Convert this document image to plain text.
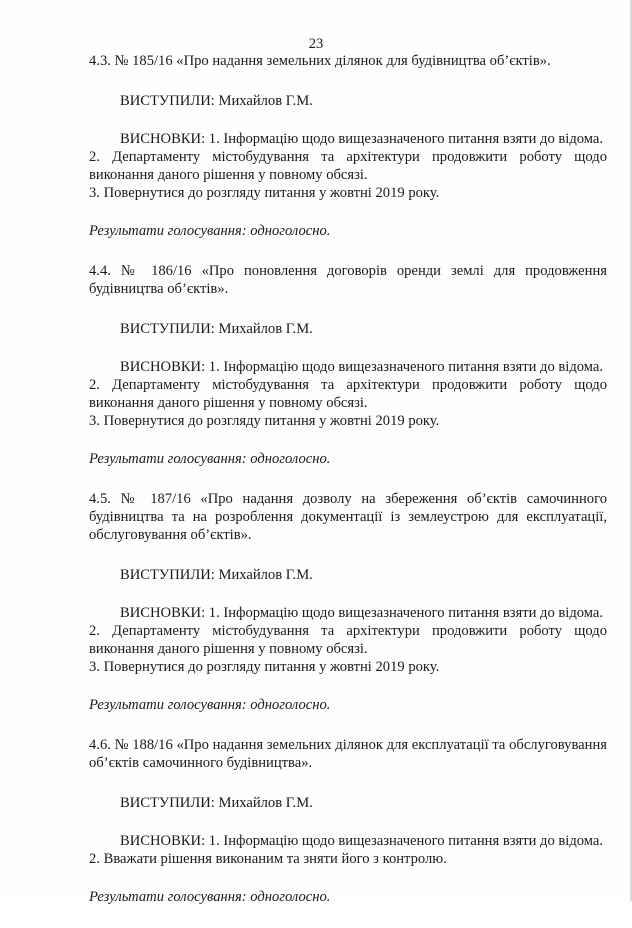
23

4.3. № 185/16 «Про надання земельних ділянок для будівництва об’єктів».

ВИСТУПИЛИ: Михайлов Г.М.

ВИСНОВКИ: 1. Інформацію щодо вищезазначеного питання взяти до відома.

2. Департаменту містобудування та архітектури продовжити роботу щодо виконання даного рішення у повному обсязі.

3. Повернутися до розгляду питання у жовтні 2019 року.

Результати голосування: одноголосно.

4.4. № 186/16 «Про поновлення договорів оренди землі для продовження будівництва об’єктів».

ВИСТУПИЛИ: Михайлов Г.М.

ВИСНОВКИ: 1. Інформацію щодо вищезазначеного питання взяти до відома.

2. Департаменту містобудування та архітектури продовжити роботу щодо виконання даного рішення у повному обсязі.

3. Повернутися до розгляду питання у жовтні 2019 року.

Результати голосування: одноголосно.

4.5. № 187/16 «Про надання дозволу на збереження об’єктів самочинного будівництва та на розроблення документації із землеустрою для експлуатації, обслуговування об’єктів».

ВИСТУПИЛИ: Михайлов Г.М.

ВИСНОВКИ: 1. Інформацію щодо вищезазначеного питання взяти до відома.

2. Департаменту містобудування та архітектури продовжити роботу щодо виконання даного рішення у повному обсязі.

3. Повернутися до розгляду питання у жовтні 2019 року.

Результати голосування: одноголосно.

4.6. № 188/16 «Про надання земельних ділянок для експлуатації та обслуговування об’єктів самочинного будівництва».

ВИСТУПИЛИ: Михайлов Г.М.

ВИСНОВКИ: 1. Інформацію щодо вищезазначеного питання взяти до відома.

2. Вважати рішення виконаним та зняти його з контролю.

Результати голосування: одноголосно.
